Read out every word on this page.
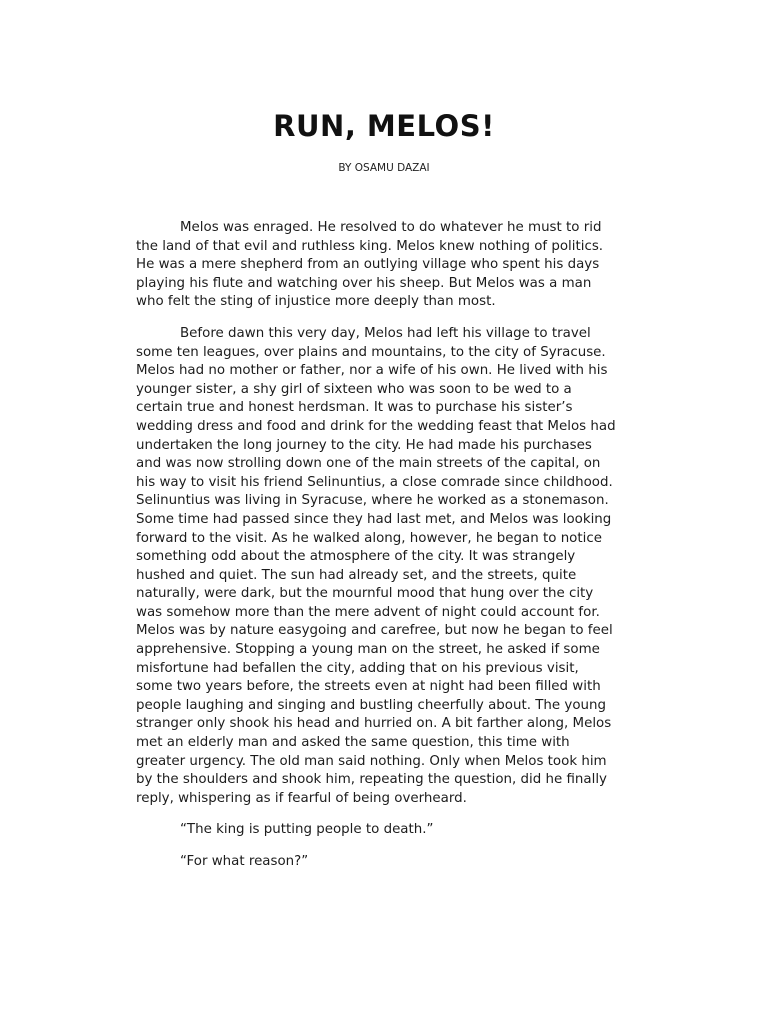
RUN, MELOS!
BY OSAMU DAZAI

Melos was enraged. He resolved to do whatever he must to rid
the land of that evil and ruthless king. Melos knew nothing of politics.
He was a mere shepherd from an outlying village who spent his days
playing his flute and watching over his sheep. But Melos was a man
who felt the sting of injustice more deeply than most.

Before dawn this very day, Melos had left his village to travel
some ten leagues, over plains and mountains, to the city of Syracuse.
Melos had no mother or father, nor a wife of his own. He lived with his
younger sister, a shy girl of sixteen who was soon to be wed to a
certain true and honest herdsman. It was to purchase his sister’s
wedding dress and food and drink for the wedding feast that Melos had
undertaken the long journey to the city. He had made his purchases
and was now strolling down one of the main streets of the capital, on
his way to visit his friend Selinuntius, a close comrade since childhood.
Selinuntius was living in Syracuse, where he worked as a stonemason.
Some time had passed since they had last met, and Melos was looking
forward to the visit. As he walked along, however, he began to notice
something odd about the atmosphere of the city. It was strangely
hushed and quiet. The sun had already set, and the streets, quite
naturally, were dark, but the mournful mood that hung over the city
was somehow more than the mere advent of night could account for.
Melos was by nature easygoing and carefree, but now he began to feel
apprehensive. Stopping a young man on the street, he asked if some
misfortune had befallen the city, adding that on his previous visit,
some two years before, the streets even at night had been filled with
people laughing and singing and bustling cheerfully about. The young
stranger only shook his head and hurried on. A bit farther along, Melos
met an elderly man and asked the same question, this time with
greater urgency. The old man said nothing. Only when Melos took him
by the shoulders and shook him, repeating the question, did he finally
reply, whispering as if fearful of being overheard.

“The king is putting people to death.”

“For what reason?”
